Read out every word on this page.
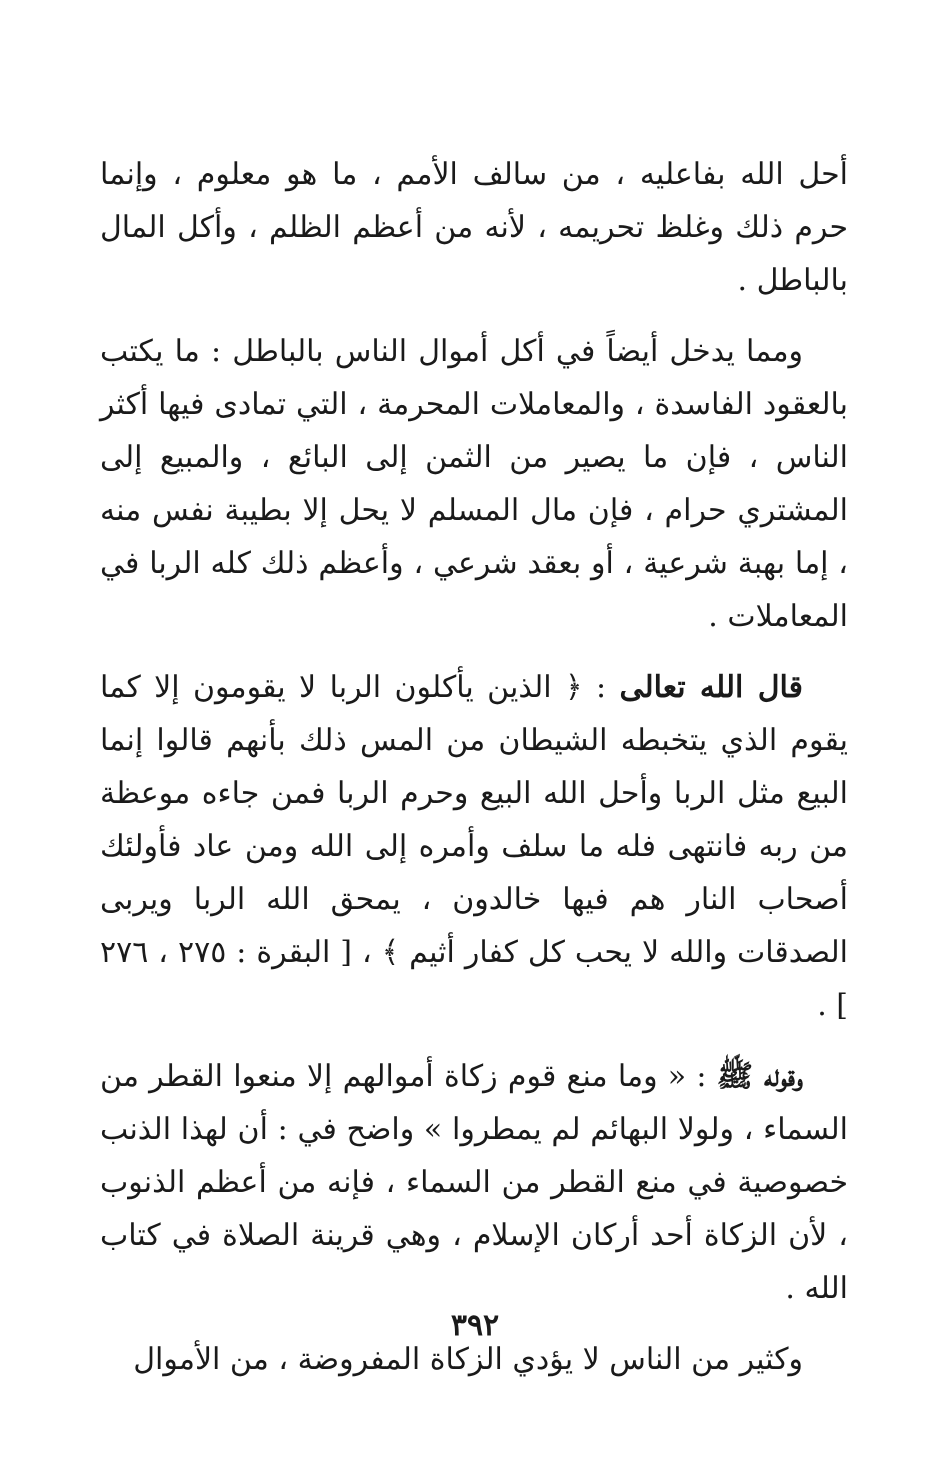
أحل الله بفاعليه ، من سالف الأمم ، ما هو معلوم ، وإنما حرم ذلك وغلظ تحريمه ، لأنه من أعظم الظلم ، وأكل المال بالباطل .

ومما يدخل أيضاً في أكل أموال الناس بالباطل : ما يكتب بالعقود الفاسدة ، والمعاملات المحرمة ، التي تمادى فيها أكثر الناس ، فإن ما يصير من الثمن إلى البائع ، والمبيع إلى المشتري حرام ، فإن مال المسلم لا يحل إلا بطيبة نفس منه ، إما بهبة شرعية ، أو بعقد شرعي ، وأعظم ذلك كله الربا في المعاملات .

قال الله تعالى : ﴿ الذين يأكلون الربا لا يقومون إلا كما يقوم الذي يتخبطه الشيطان من المس ذلك بأنهم قالوا إنما البيع مثل الربا وأحل الله البيع وحرم الربا فمن جاءه موعظة من ربه فانتهى فله ما سلف وأمره إلى الله ومن عاد فأولئك أصحاب النار هم فيها خالدون ، يمحق الله الربا ويربى الصدقات والله لا يحب كل كفار أثيم ﴾ ، [ البقرة : ٢٧٥ ، ٢٧٦ ] .

وقوله ﷺ : « وما منع قوم زكاة أموالهم إلا منعوا القطر من السماء ، ولولا البهائم لم يمطروا » واضح في : أن لهذا الذنب خصوصية في منع القطر من السماء ، فإنه من أعظم الذنوب ، لأن الزكاة أحد أركان الإسلام ، وهي قرينة الصلاة في كتاب الله .

وكثير من الناس لا يؤدي الزكاة المفروضة ، من الأموال

٣٩٢
